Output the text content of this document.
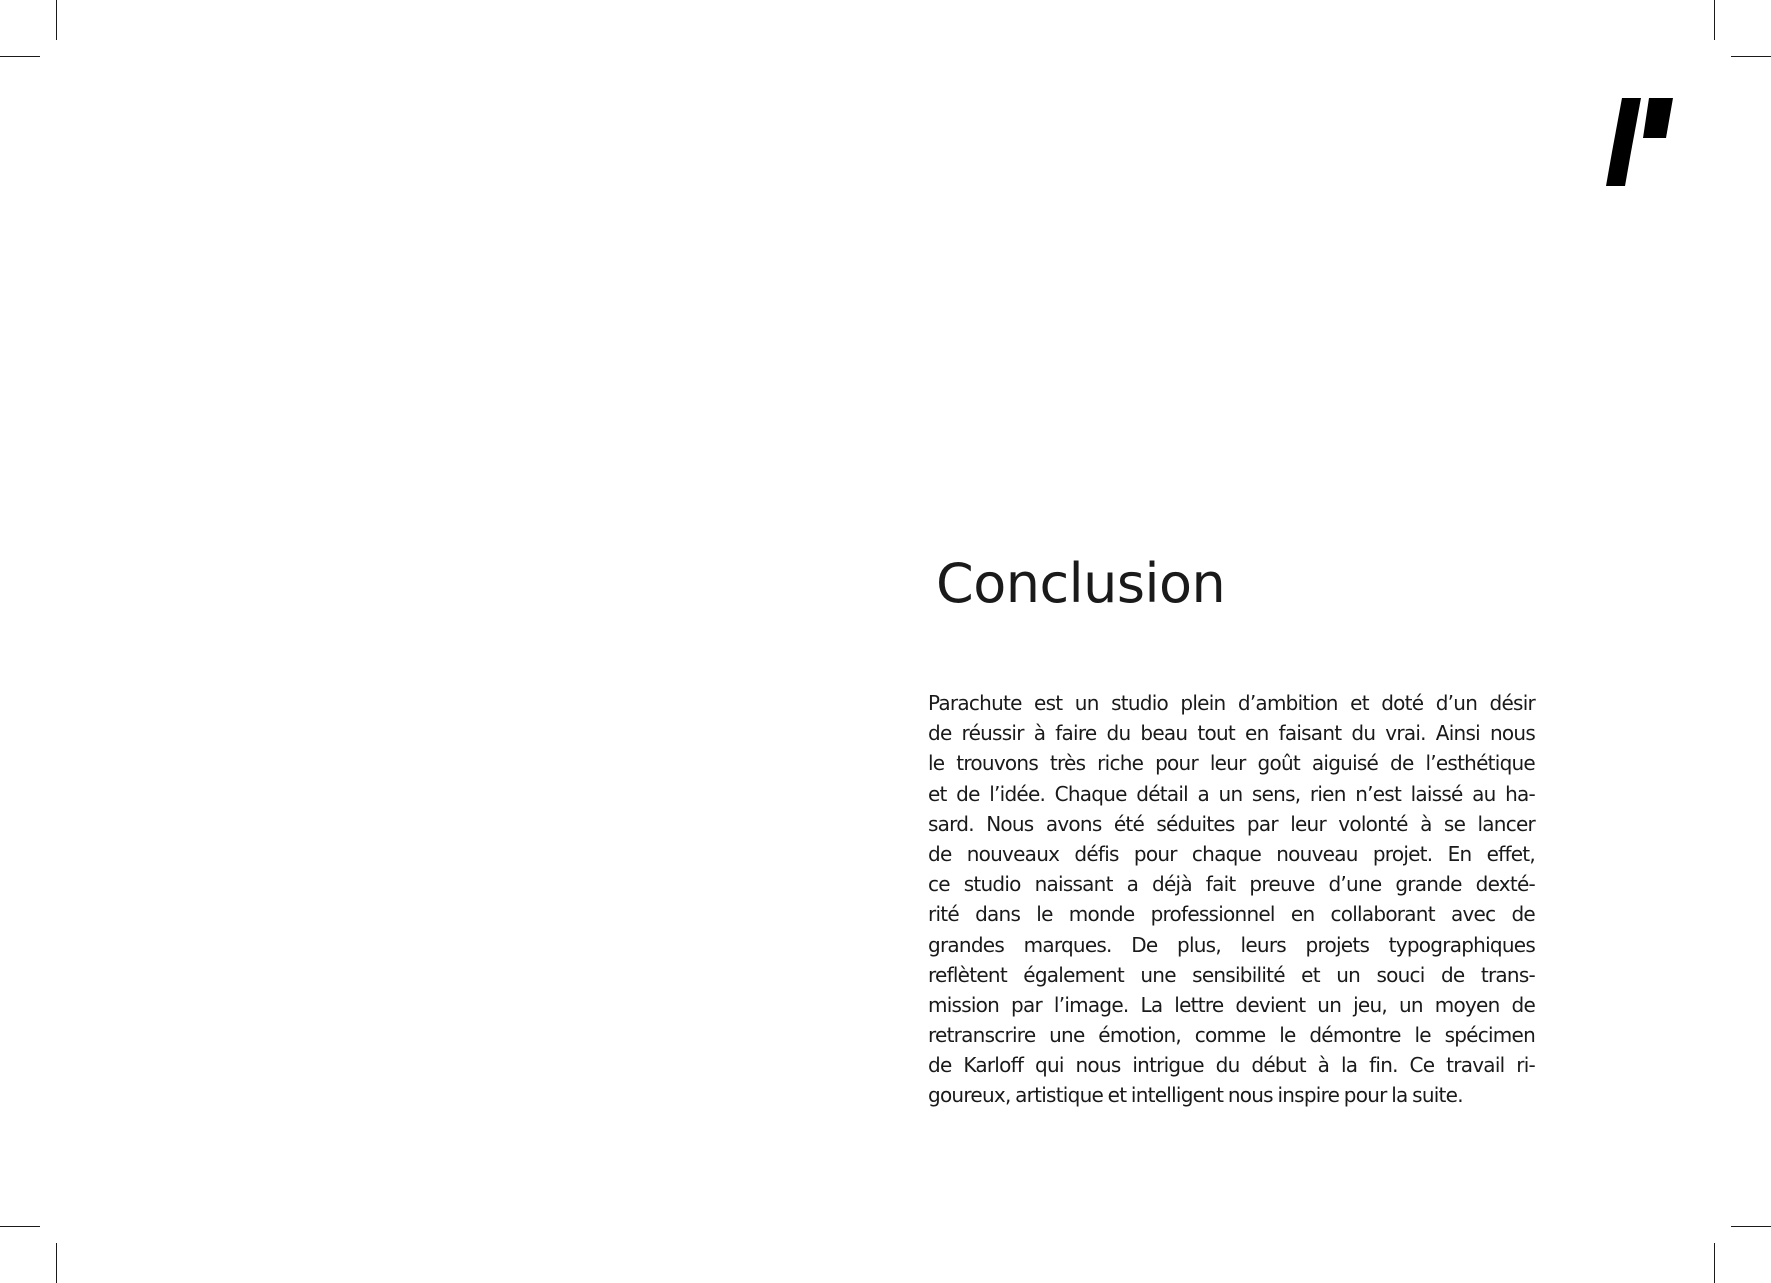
Conclusion
Parachute est un studio plein d’ambition et doté d’un désir
de réussir à faire du beau tout en faisant du vrai. Ainsi nous
le trouvons très riche pour leur goût aiguisé de l’esthétique
et de l’idée. Chaque détail a un sens, rien n’est laissé au ha-
sard. Nous avons été séduites par leur volonté à se lancer
de nouveaux défis pour chaque nouveau projet. En effet,
ce studio naissant a déjà fait preuve d’une grande dexté-
rité dans le monde professionnel en collaborant avec de
grandes marques. De plus, leurs projets typographiques
reflètent également une sensibilité et un souci de trans-
mission par l’image. La lettre devient un jeu, un moyen de
retranscrire une émotion, comme le démontre le spécimen
de Karloff qui nous intrigue du début à la fin. Ce travail ri-
goureux, artistique et intelligent nous inspire pour la suite.
